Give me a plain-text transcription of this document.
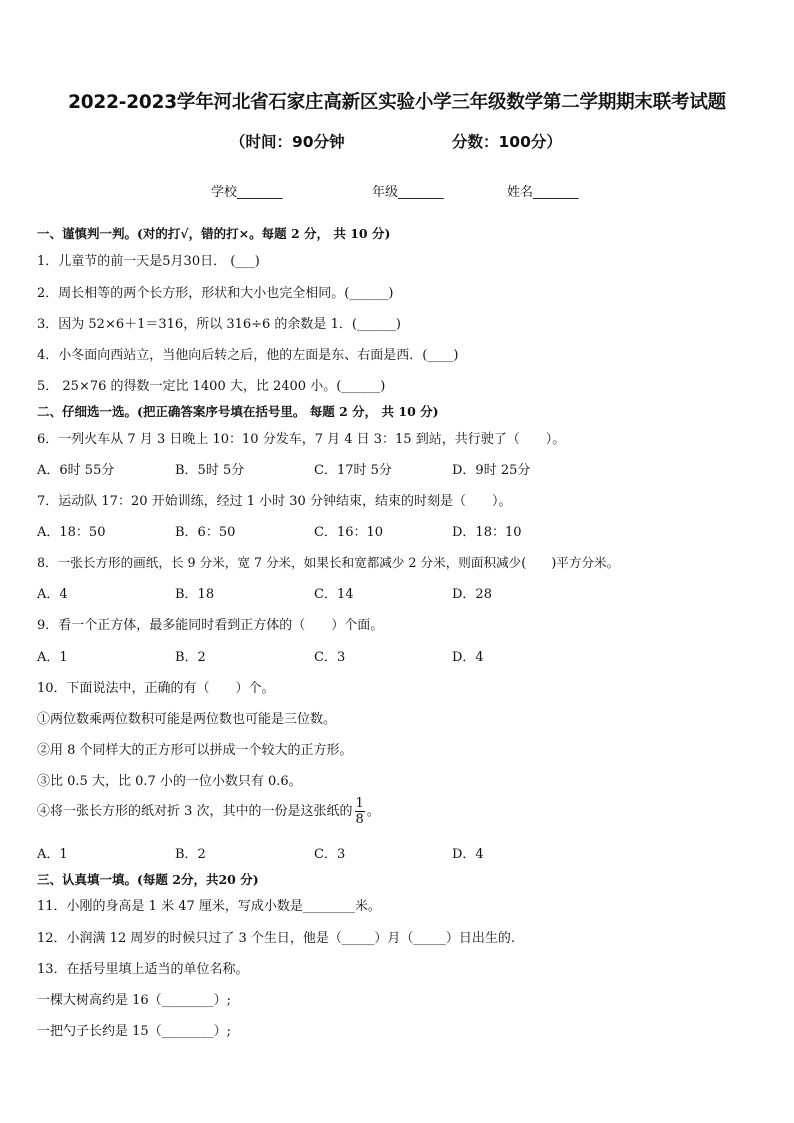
2022-2023学年河北省石家庄高新区实验小学三年级数学第二学期期末联考试题
（时间：90分钟	分数：100分）
学校_______	年级_______	姓名_______
一、谨慎判一判。(对的打√，错的打×。每题 2 分， 共 10 分)
1．儿童节的前一天是5月30日． (___)
2．周长相等的两个长方形，形状和大小也完全相同。(______)
3．因为 52×6＋1＝316，所以 316÷6 的余数是 1．(______)
4．小冬面向西站立，当他向后转之后，他的左面是东、右面是西．(____)
5． 25×76 的得数一定比 1400 大，比 2400 小。(______)
二、仔细选一选。(把正确答案序号填在括号里。 每题 2 分， 共 10 分)
6．一列火车从 7 月 3 日晚上 10：10 分发车，7 月 4 日 3：15 到站，共行驶了（　　）。
A．6时 55分	B．5时 5分	C．17时 5分	D．9时 25分
7．运动队 17：20 开始训练，经过 1 小时 30 分钟结束，结束的时刻是（　　）。
A．18：50	B．6：50	C．16：10	D．18：10
8．一张长方形的画纸，长 9 分米，宽 7 分米，如果长和宽都减少 2 分米，则面积减少(　　)平方分米。
A．4	B．18	C．14	D．28
9．看一个正方体，最多能同时看到正方体的（　　）个面。
A．1	B．2	C．3	D．4
10．下面说法中，正确的有（　　）个。
①两位数乘两位数积可能是两位数也可能是三位数。
②用 8 个同样大的正方形可以拼成一个较大的正方形。
③比 0.5 大，比 0.7 小的一位小数只有 0.6。
④将一张长方形的纸对折 3 次，其中的一份是这张纸的 $\frac{1}{8}$ 。
A．1	B．2	C．3	D．4
三、认真填一填。(每题 2分，共20 分)
11．小刚的身高是 1 米 47 厘米，写成小数是________米。
12．小润满 12 周岁的时候只过了 3 个生日，他是（_____）月（_____）日出生的.
13．在括号里填上适当的单位名称。
一棵大树高约是 16（________）;
一把勺子长约是 15（________）;
